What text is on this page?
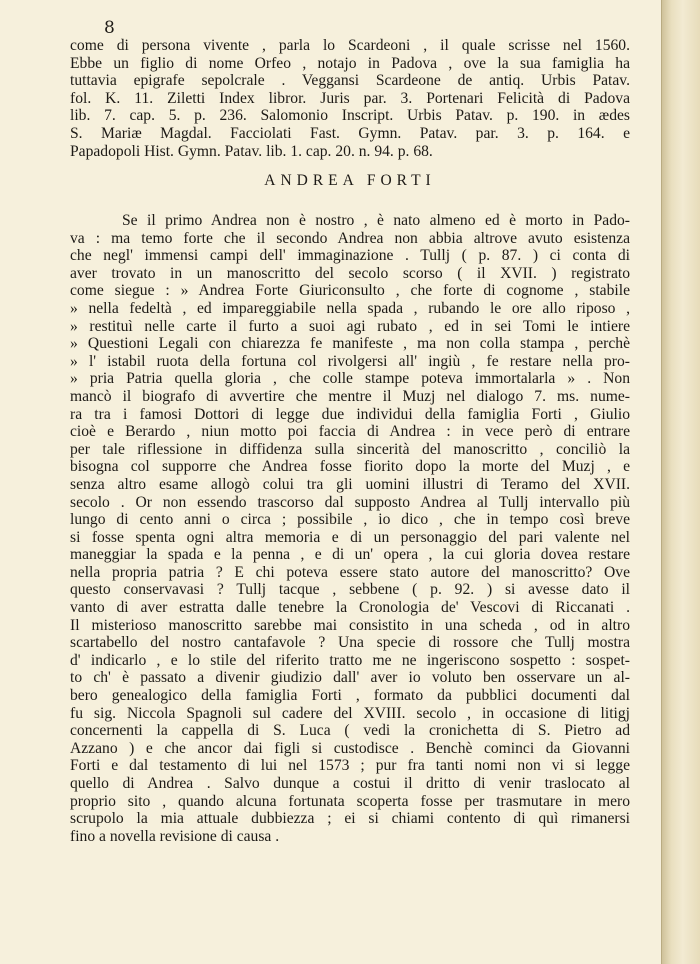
8

come di persona vivente , parla lo Scardeoni , il quale scrisse nel 1560.
Ebbe un figlio di nome Orfeo , notajo in Padova , ove la sua famiglia ha
tuttavia epigrafe sepolcrale . Veggansi Scardeone de antiq. Urbis Patav.
fol. K. 11. Ziletti Index libror. Juris par. 3. Portenari Felicità di Padova
lib. 7. cap. 5. p. 236. Salomonio Inscript. Urbis Patav. p. 190. in ædes
S. Mariæ Magdal. Facciolati Fast. Gymn. Patav. par. 3. p. 164. e
Papadopoli Hist. Gymn. Patav. lib. 1. cap. 20. n. 94. p. 68.
ANDREA FORTI
Se il primo Andrea non è nostro , è nato almeno ed è morto in Pado-
va : ma temo forte che il secondo Andrea non abbia altrove avuto esistenza
che negl' immensi campi dell' immaginazione . Tullj ( p. 87. ) ci conta di
aver trovato in un manoscritto del secolo scorso ( il XVII. ) registrato
come siegue : » Andrea Forte Giuriconsulto , che forte di cognome , stabile
» nella fedeltà , ed impareggiabile nella spada , rubando le ore allo riposo ,
» restituì nelle carte il furto a suoi agi rubato , ed in sei Tomi le intiere
» Questioni Legali con chiarezza fe manifeste , ma non colla stampa , perchè
» l' istabil ruota della fortuna col rivolgersi all' ingiù , fe restare nella pro-
» pria Patria quella gloria , che colle stampe poteva immortalarla » . Non
mancò il biografo di avvertire che mentre il Muzj nel dialogo 7. ms. nume-
ra tra i famosi Dottori di legge due individui della famiglia Forti , Giulio
cioè e Berardo , niun motto poi faccia di Andrea : in vece però di entrare
per tale riflessione in diffidenza sulla sincerità del manoscritto , conciliò la
bisogna col supporre che Andrea fosse fiorito dopo la morte del Muzj , e
senza altro esame allogò colui tra gli uomini illustri di Teramo del XVII.
secolo . Or non essendo trascorso dal supposto Andrea al Tullj intervallo più
lungo di cento anni o circa ; possibile , io dico , che in tempo così breve
si fosse spenta ogni altra memoria e di un personaggio del pari valente nel
maneggiar la spada e la penna , e di un' opera , la cui gloria dovea restare
nella propria patria ? E chi poteva essere stato autore del manoscritto? Ove
questo conservavasi ? Tullj tacque , sebbene ( p. 92. ) si avesse dato il
vanto di aver estratta dalle tenebre la Cronologia de' Vescovi di Riccanati .
Il misterioso manoscritto sarebbe mai consistito in una scheda , od in altro
scartabello del nostro cantafavole ? Una specie di rossore che Tullj mostra
d' indicarlo , e lo stile del riferito tratto me ne ingeriscono sospetto : sospet-
to ch' è passato a divenir giudizio dall' aver io voluto ben osservare un al-
bero genealogico della famiglia Forti , formato da pubblici documenti dal
fu sig. Niccola Spagnoli sul cadere del XVIII. secolo , in occasione di litigj
concernenti la cappella di S. Luca ( vedi la cronichetta di S. Pietro ad
Azzano ) e che ancor dai figli si custodisce . Benchè cominci da Giovanni
Forti e dal testamento di lui nel 1573 ; pur fra tanti nomi non vi si legge
quello di Andrea . Salvo dunque a costui il dritto di venir traslocato al
proprio sito , quando alcuna fortunata scoperta fosse per trasmutare in mero
scrupolo la mia attuale dubbiezza ; ei si chiami contento di quì rimanersi
fino a novella revisione di causa .
